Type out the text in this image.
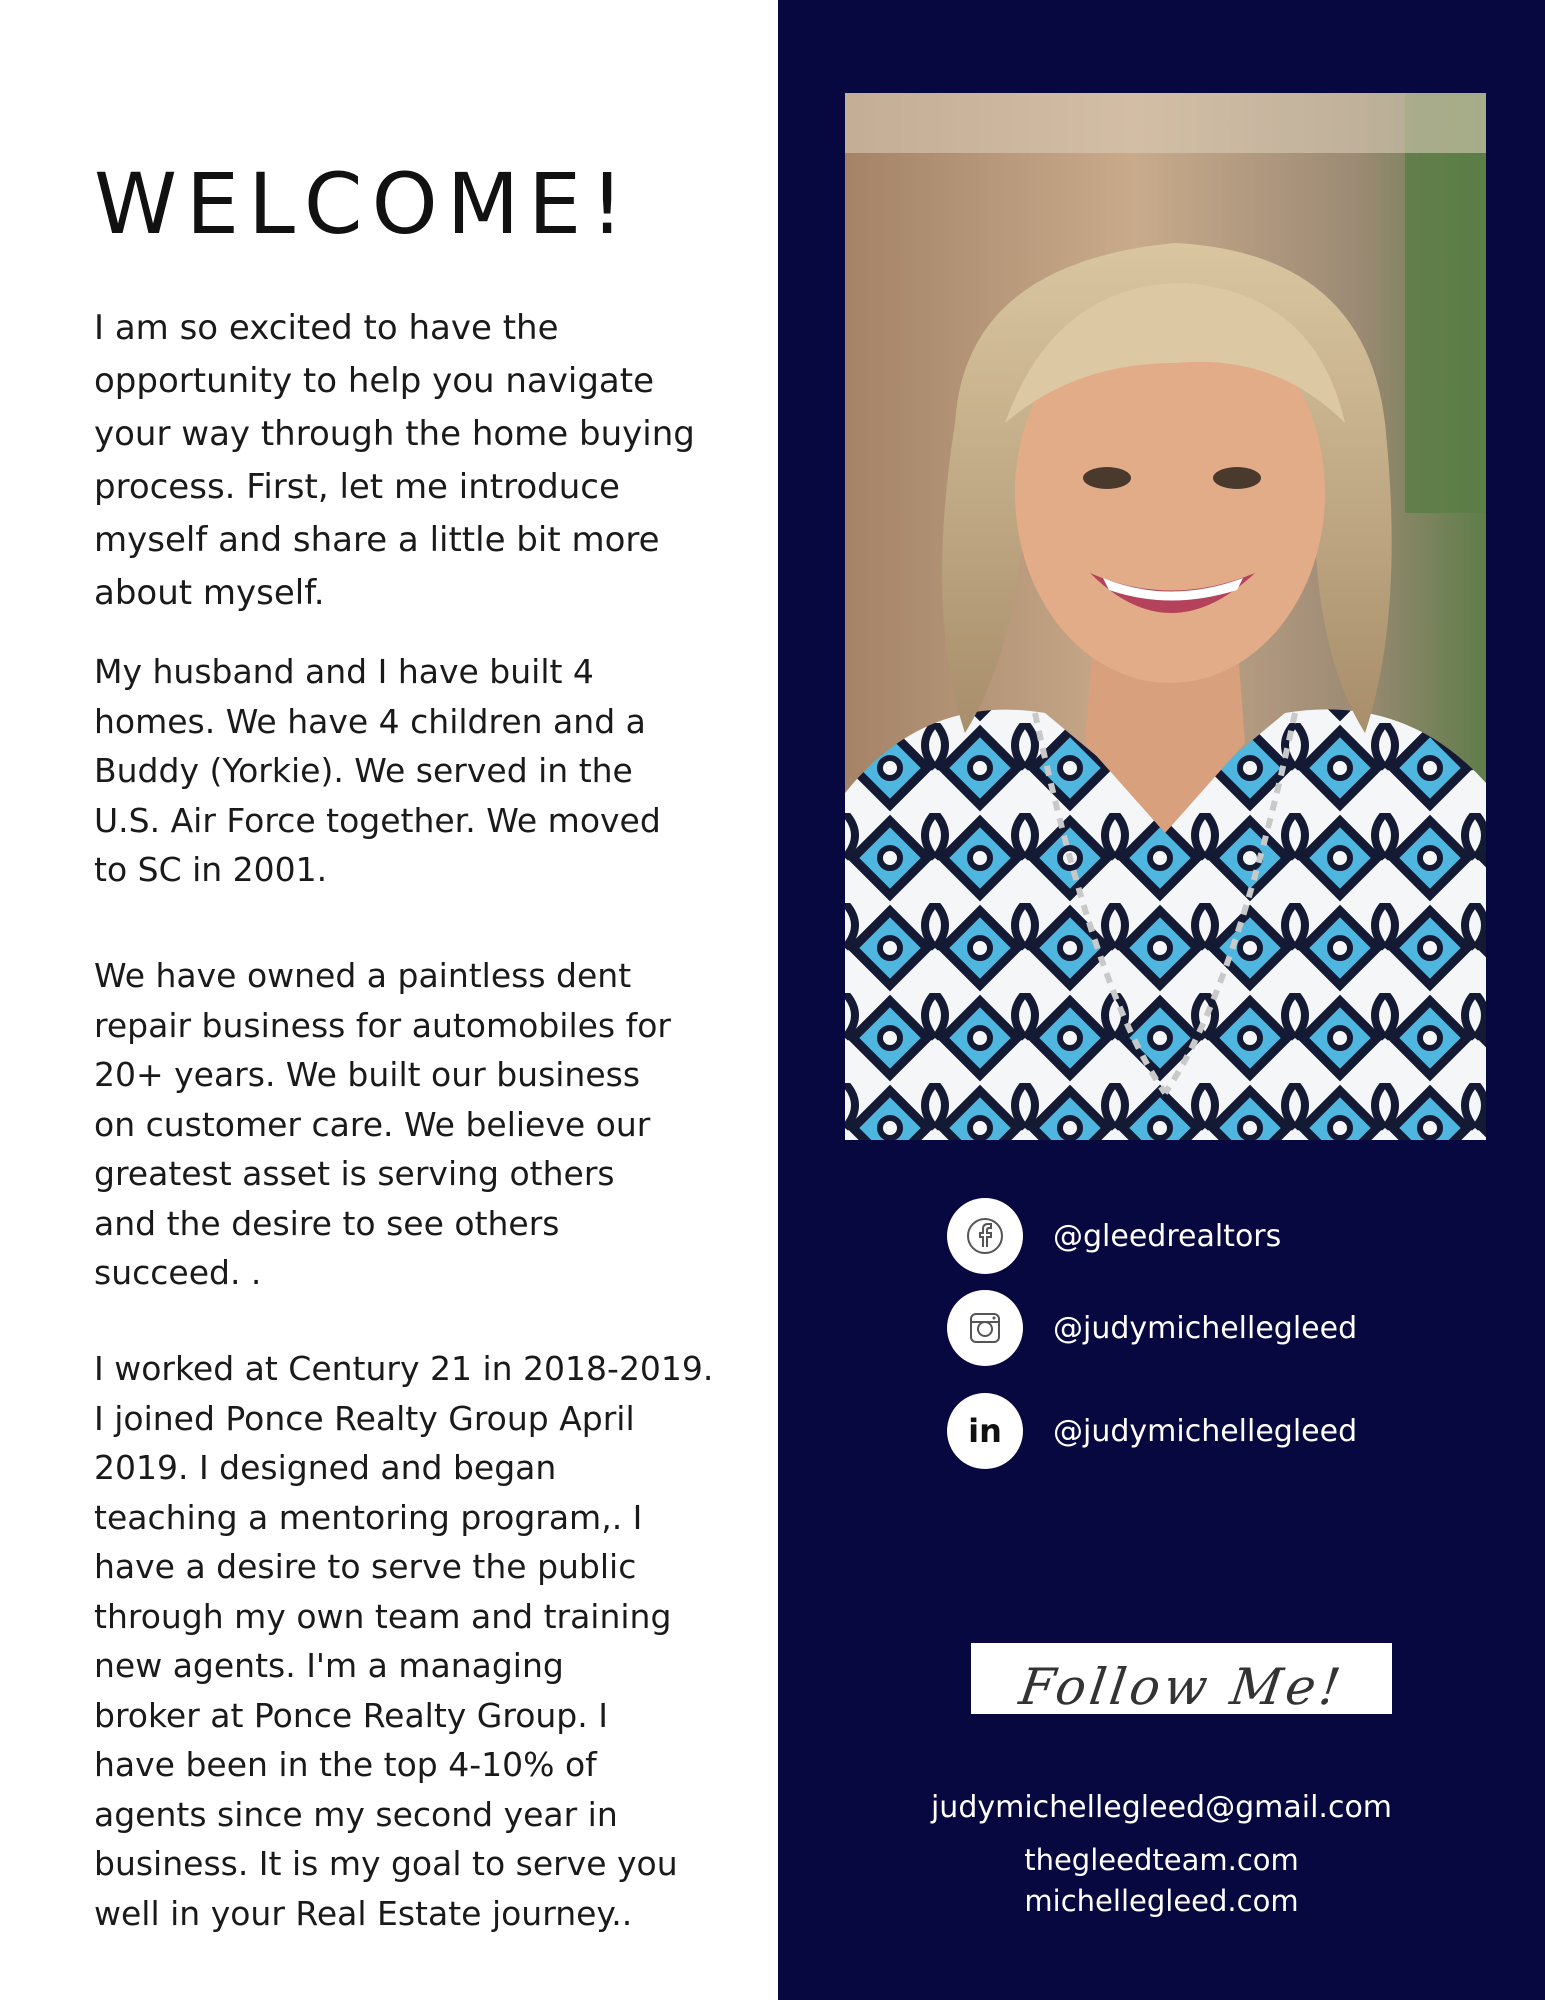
WELCOME!

I am so excited to have the
opportunity to help you navigate
your way through the home buying
process. First, let me introduce
myself and share a little bit more
about myself.

My husband and I have built 4
homes. We have 4 children and a
Buddy (Yorkie). We served in the
U.S. Air Force together. We moved
to SC in 2001.

We have owned a paintless dent
repair business for automobiles for
20+ years. We built our business
on customer care. We believe our
greatest asset is serving others
and the desire to see others
succeed. .
I worked at Century 21 in 2018-2019.
I joined Ponce Realty Group April
2019. I designed and began
teaching a mentoring program,. I
have a desire to serve the public
through my own team and training
new agents. I'm a managing
broker at Ponce Realty Group. I
have been in the top 4-10% of
agents since my second year in
business. It is my goal to serve you
well in your Real Estate journey..
@gleedrealtors
@judymichellegleed
in @judymichellegleed
Follow Me!
judymichellegleed@gmail.com
thegleedteam.com
michellegleed.com
